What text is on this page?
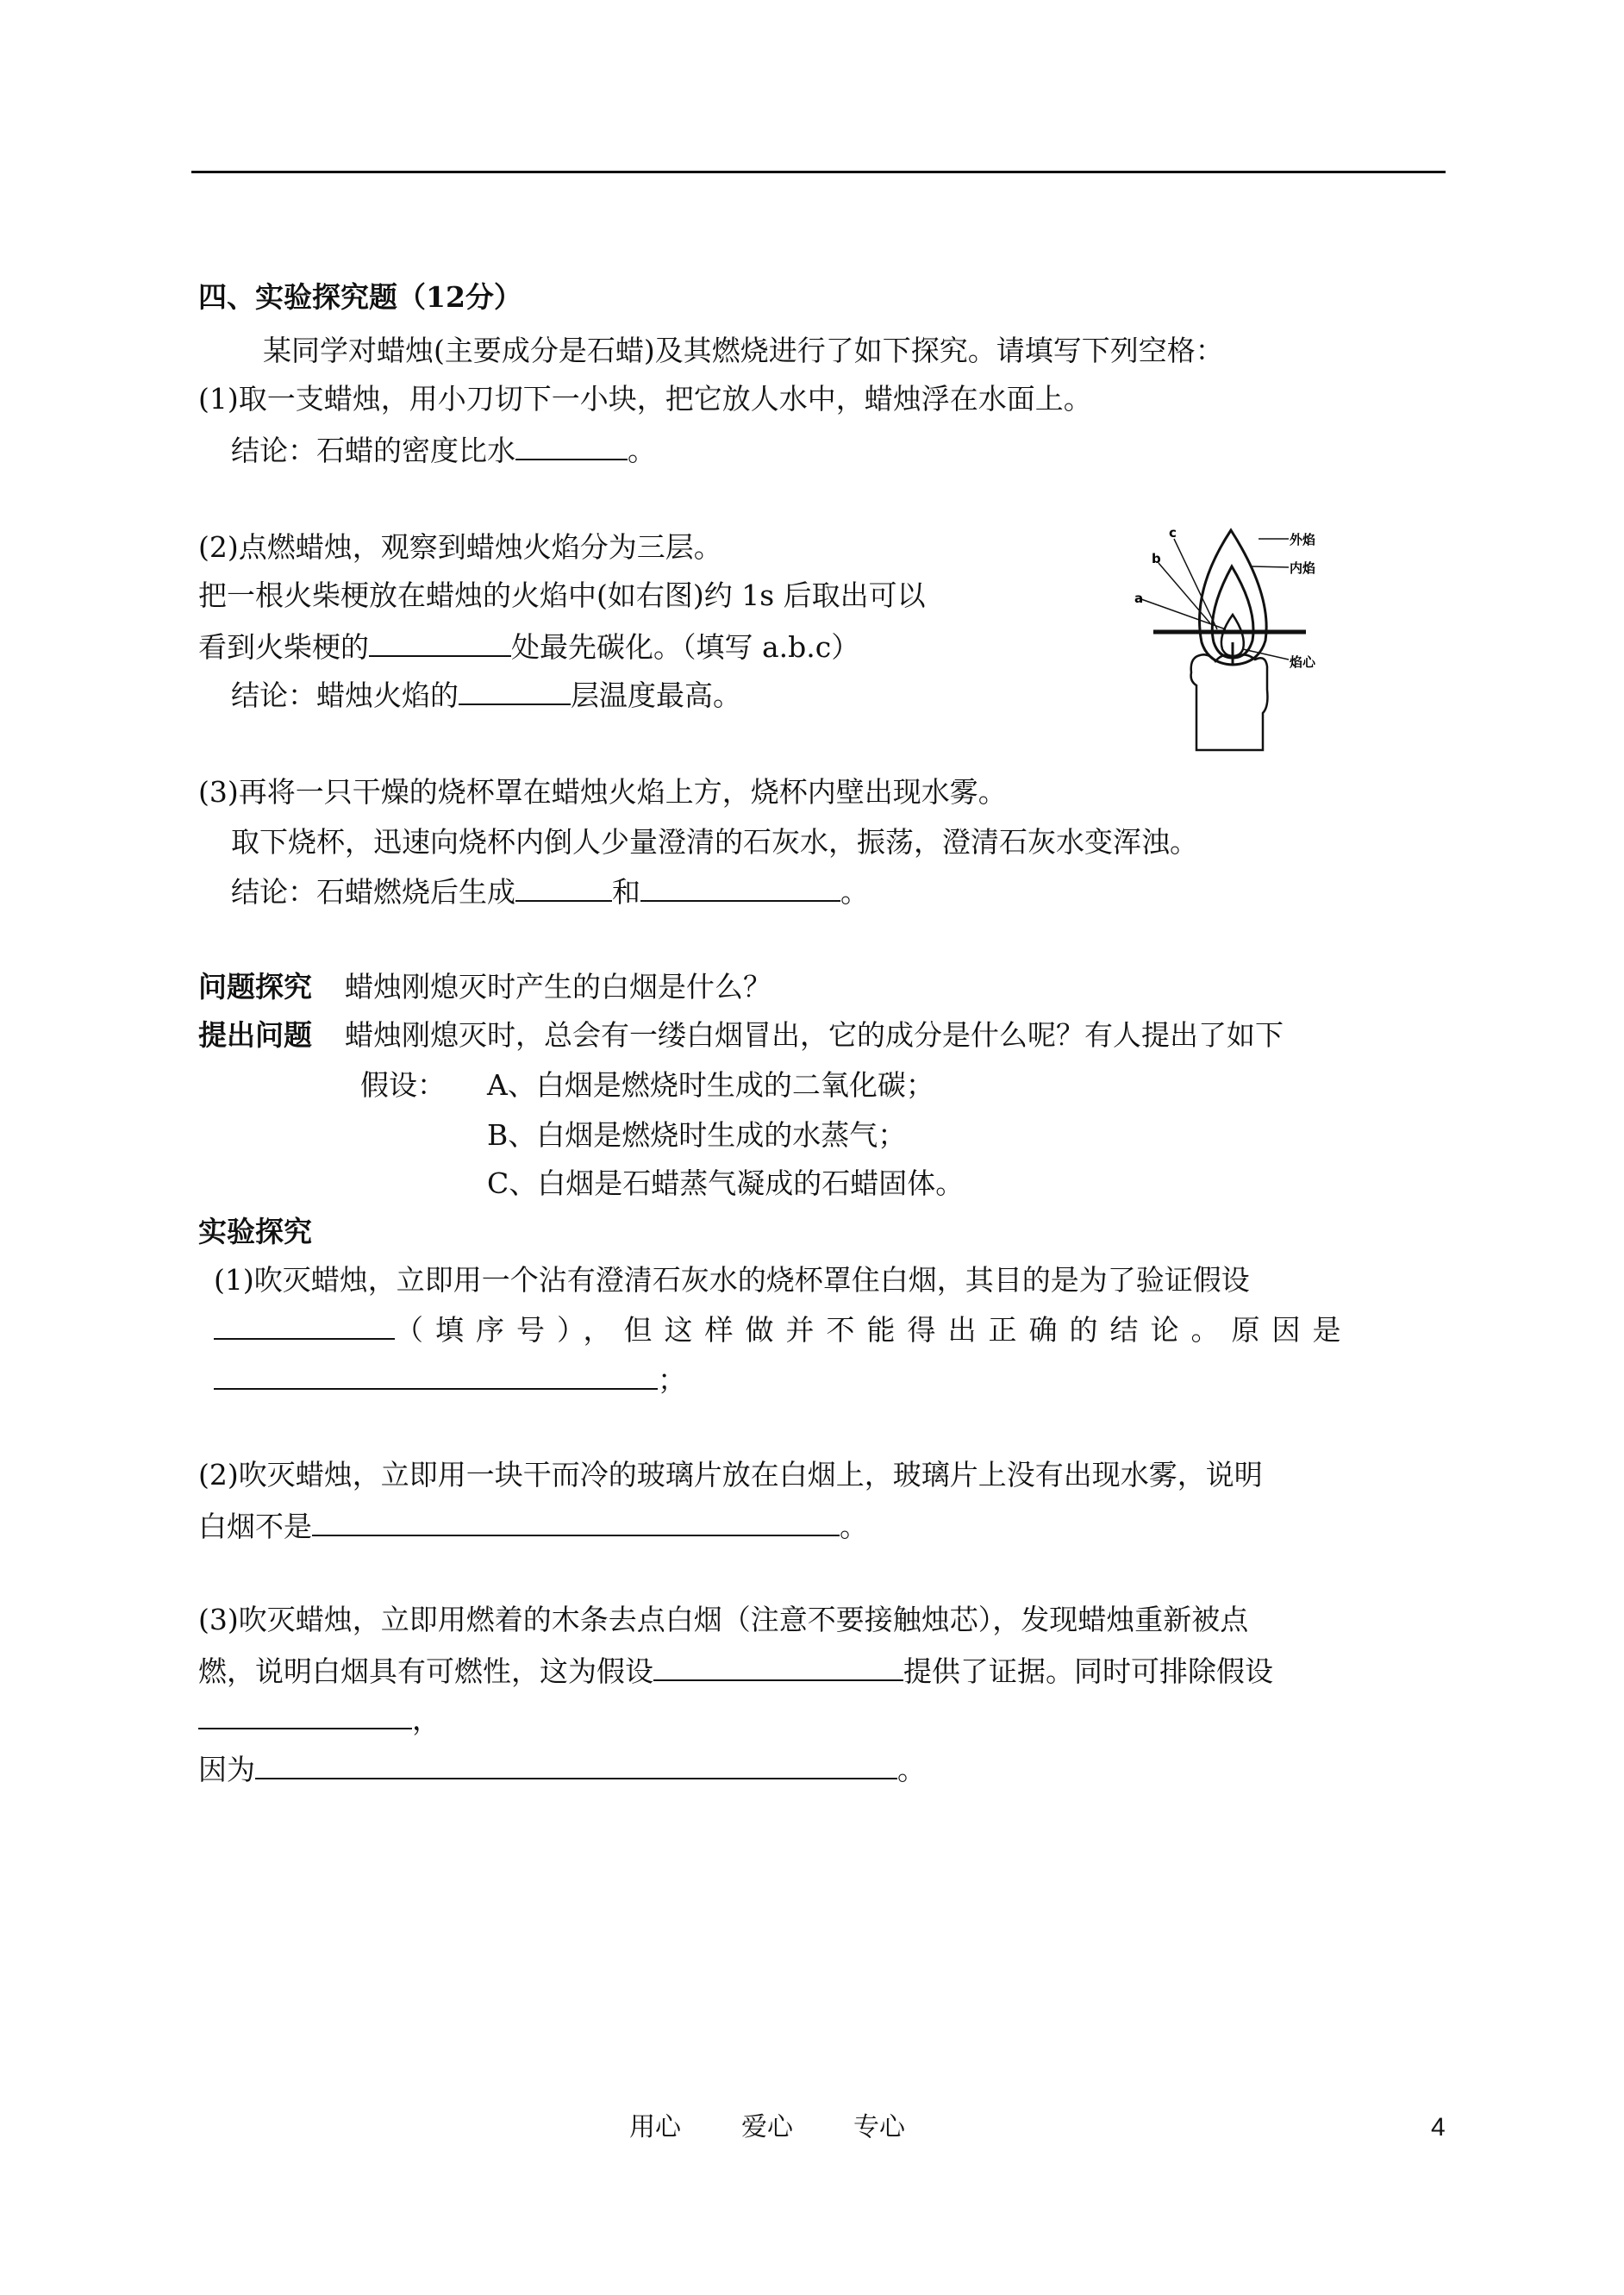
四、实验探究题（12分）
某同学对蜡烛(主要成分是石蜡)及其燃烧进行了如下探究。请填写下列空格：
(1)取一支蜡烛，用小刀切下一小块，把它放人水中，蜡烛浮在水面上。
结论：石蜡的密度比水	。
(2)点燃蜡烛，观察到蜡烛火焰分为三层。
把一根火柴梗放在蜡烛的火焰中(如右图)约 1s 后取出可以
看到火柴梗的	处最先碳化。（填写 a.b.c）
结论：蜡烛火焰的	层温度最高。
c
b
a
外焰
内焰
焰心
(3)再将一只干燥的烧杯罩在蜡烛火焰上方，烧杯内壁出现水雾。
取下烧杯，迅速向烧杯内倒人少量澄清的石灰水，振荡，澄清石灰水变浑浊。
结论：石蜡燃烧后生成	和	。
问题探究 蜡烛刚熄灭时产生的白烟是什么？
提出问题 蜡烛刚熄灭时，总会有一缕白烟冒出，它的成分是什么呢？有人提出了如下
假设： A、白烟是燃烧时生成的二氧化碳；
B、白烟是燃烧时生成的水蒸气；
C、白烟是石蜡蒸气凝成的石蜡固体。
实验探究
(1)吹灭蜡烛，立即用一个沾有澄清石灰水的烧杯罩住白烟，其目的是为了验证假设
（填序号），但这样做并不能得出正确的结论。原因是
；
(2)吹灭蜡烛，立即用一块干而冷的玻璃片放在白烟上，玻璃片上没有出现水雾，说明
白烟不是	。
(3)吹灭蜡烛，立即用燃着的木条去点白烟（注意不要接触烛芯），发现蜡烛重新被点
燃，说明白烟具有可燃性，这为假设	提供了证据。同时可排除假设
，
因为	。
用心 爱心 专心	4
